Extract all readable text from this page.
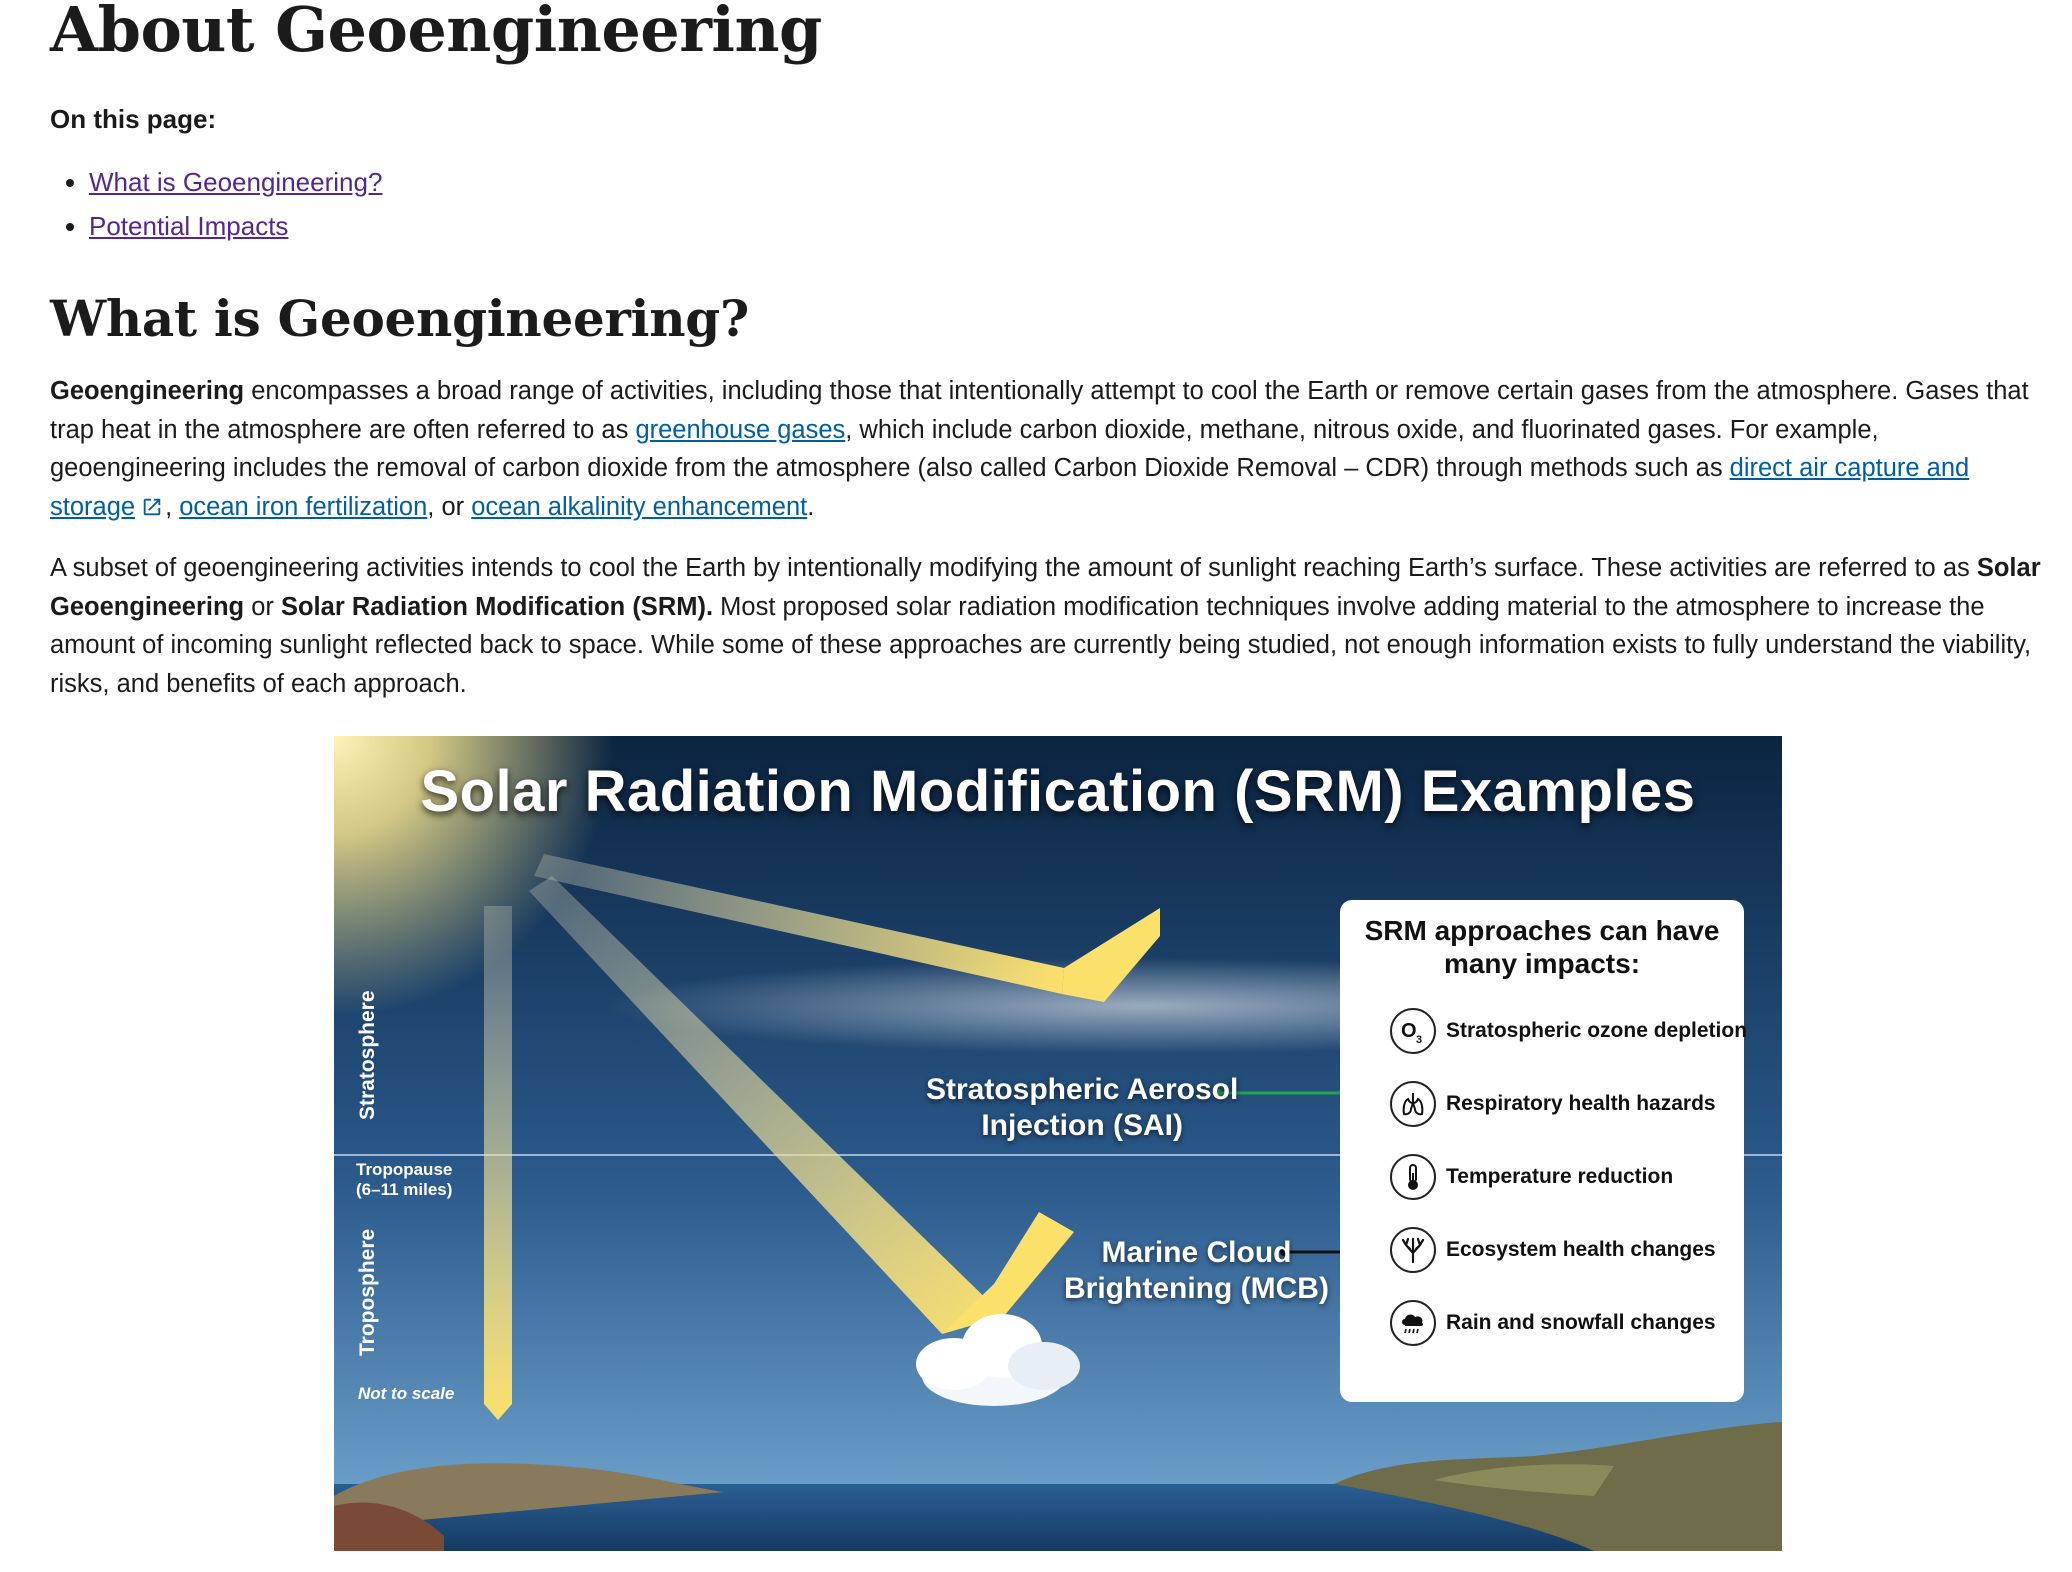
About Geoengineering

On this page:

• What is Geoengineering?
• Potential Impacts
What is Geoengineering?

Geoengineering encompasses a broad range of activities, including those that intentionally attempt to cool the Earth or remove certain gases from the atmosphere. Gases that trap heat in the atmosphere are often referred to as greenhouse gases, which include carbon dioxide, methane, nitrous oxide, and fluorinated gases. For example, geoengineering includes the removal of carbon dioxide from the atmosphere (also called Carbon Dioxide Removal – CDR) through methods such as direct air capture and storage , ocean iron fertilization, or ocean alkalinity enhancement.

A subset of geoengineering activities intends to cool the Earth by intentionally modifying the amount of sunlight reaching Earth’s surface. These activities are referred to as Solar Geoengineering or Solar Radiation Modification (SRM). Most proposed solar radiation modification techniques involve adding material to the atmosphere to increase the amount of incoming sunlight reflected back to space. While some of these approaches are currently being studied, not enough information exists to fully understand the viability, risks, and benefits of each approach.

Solar Radiation Modification (SRM) Examples
Stratosphere
Tropopause
(6–11 miles)
Troposphere
Not to scale
Stratospheric Aerosol
Injection (SAI)
Marine Cloud
Brightening (MCB)
SRM approaches can have
many impacts:
O 3 Stratospheric ozone depletion
Respiratory health hazards
Temperature reduction
Ecosystem health changes
Rain and snowfall changes
